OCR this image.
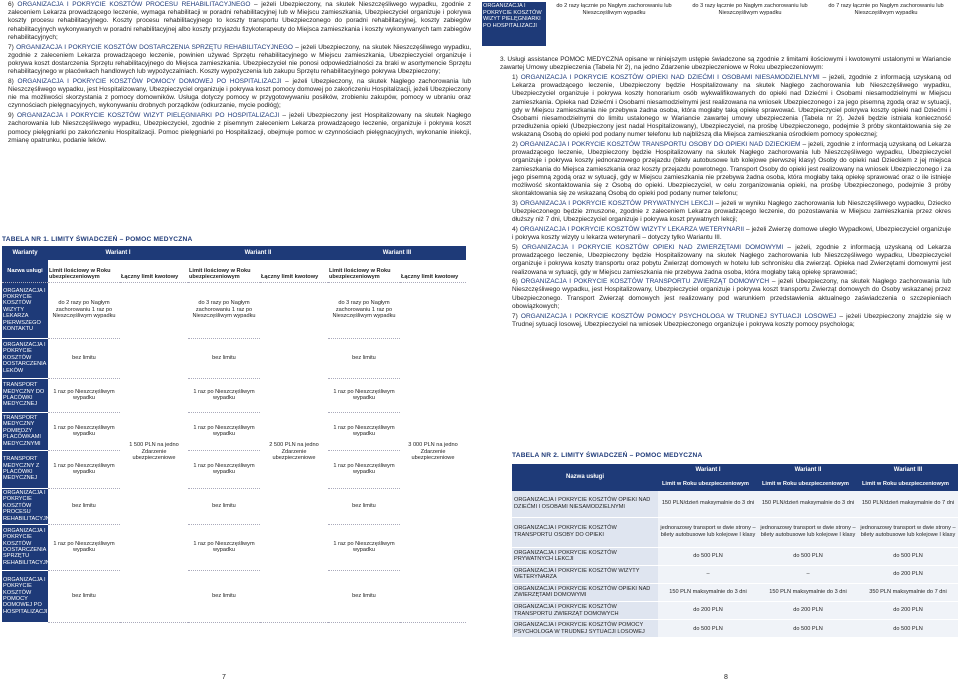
6) ORGANIZACJA I POKRYCIE KOSZTÓW PROCESU REHABILITACYJNEGO – jeżeli Ubezpieczony, na skutek Nieszczęśliwego wypadku, zgodnie z zaleceniem Lekarza prowadzącego leczenie, wymaga rehabilitacji w poradni rehabilitacyjnej lub w Miejscu zamieszkania, Ubezpieczyciel organizuje i pokrywa koszty procesu rehabilitacyjnego. Koszty procesu rehabilitacyjnego to koszty transportu Ubezpieczonego do poradni rehabilitacyjnej, koszty zabiegów rehabilitacyjnych wykonywanych w poradni rehabilitacyjnej albo koszty przyjazdu fizykoterapeuty do Miejsca zamieszkania i koszty wykonywanych tam zabiegów rehabilitacyjnych;

7) ORGANIZACJA I POKRYCIE KOSZTÓW DOSTARCZENIA SPRZĘTU REHABILITACYJNEGO – jeżeli Ubezpieczony, na skutek Nieszczęśliwego wypadku, zgodnie z zaleceniem Lekarza prowadzącego leczenie, powinien używać Sprzętu rehabilitacyjnego w Miejscu zamieszkania, Ubezpieczyciel organizuje i pokrywa koszt dostarczenia Sprzętu rehabilitacyjnego do Miejsca zamieszkania. Ubezpieczyciel nie ponosi odpowiedzialności za braki w asortymencie Sprzętu rehabilitacyjnego w placówkach handlowych lub wypożyczalniach. Koszty wypożyczenia lub zakupu Sprzętu rehabilitacyjnego pokrywa Ubezpieczony;

8) ORGANIZACJA I POKRYCIE KOSZTÓW POMOCY DOMOWEJ PO HOSPITALIZACJI – jeżeli Ubezpieczony, na skutek Nagłego zachorowania lub Nieszczęśliwego wypadku, jest Hospitalizowany, Ubezpieczyciel organizuje i pokrywa koszt pomocy domowej po zakończeniu Hospitalizacji, jeżeli Ubezpieczony nie ma możliwości skorzystania z pomocy domowników. Usługa dotyczy pomocy w przygotowywaniu posiłków, zrobieniu zakupów, pomocy w ubraniu oraz czynnościach pielęgnacyjnych, wykonywaniu drobnych porządków (odkurzanie, mycie podłóg);

9) ORGANIZACJA I POKRYCIE KOSZTÓW WIZYT PIELĘGNIARKI PO HOSPITALIZACJI – jeżeli Ubezpieczony jest Hospitalizowany na skutek Nagłego zachorowania lub Nieszczęśliwego wypadku, Ubezpieczyciel, zgodnie z pisemnym zaleceniem Lekarza prowadzącego leczenie, organizuje i pokrywa koszt pomocy pielęgniarki po zakończeniu Hospitalizacji. Pomoc pielęgniarki po Hospitalizacji, obejmuje pomoc w czynnościach pielęgnacyjnych, wykonanie iniekcji, zmianę opatrunku, podanie leków.

TABELA NR 1. LIMITY ŚWIADCZEŃ – POMOC MEDYCZNA
Warianty	Wariant I		Wariant II		Wariant III	
Nazwa usługi	Limit ilościowy w Roku ubezpieczeniowym	Łączny limit kwotowy	Limit ilościowy w Roku ubezpieczeniowym	Łączny limit kwotowy	Limit ilościowy w Roku ubezpieczeniowym	Łączny limit kwotowy
ORGANIZACJA I POKRYCIE KOSZTÓW WIZYTY LEKARZA PIERWSZEGO KONTAKTU	do 2 razy po Nagłym zachorowaniu 1 raz po Nieszczęśliwym wypadku	1 500 PLN na jedno Zdarzenie ubezpieczeniowe	do 3 razy po Nagłym zachorowaniu 1 raz po Nieszczęśliwym wypadku	2 500 PLN na jedno Zdarzenie ubezpieczeniowe	do 3 razy po Nagłym zachorowaniu 1 raz po Nieszczęśliwym wypadku	3 000 PLN na jedno Zdarzenie ubezpieczeniowe
ORGANIZACJA I POKRYCIE KOSZTÓW DOSTARCZENIA LEKÓW	bez limitu		bez limitu		bez limitu	
TRANSPORT MEDYCZNY DO PLACÓWKI MEDYCZNEJ	1 raz po Nieszczęśliwym wypadku		1 raz po Nieszczęśliwym wypadku		1 raz po Nieszczęśliwym wypadku	
TRANSPORT MEDYCZNY POMIĘDZY PLACÓWKAMI MEDYCZNYMI	1 raz po Nieszczęśliwym wypadku		1 raz po Nieszczęśliwym wypadku		1 raz po Nieszczęśliwym wypadku	
TRANSPORT MEDYCZNY Z PLACÓWKI MEDYCZNEJ	1 raz po Nieszczęśliwym wypadku		1 raz po Nieszczęśliwym wypadku		1 raz po Nieszczęśliwym wypadku	
ORGANIZACJA I POKRYCIE KOSZTÓW PROCESU REHABILITACYJNEGO	bez limitu		bez limitu		bez limitu	
ORGANIZACJA I POKRYCIE KOSZTÓW DOSTARCZENIA SPRZĘTU REHABILITACYJNEGO	1 raz po Nieszczęśliwym wypadku		1 raz po Nieszczęśliwym wypadku		1 raz po Nieszczęśliwym wypadku	
ORGANIZACJA I POKRYCIE KOSZTÓW POMOCY DOMOWEJ PO HOSPITALIZACJI	bez limitu		bez limitu		bez limitu	
7
ORGANIZACJA I POKRYCIE KOSZTÓW WIZYT PIELĘGNIARKI PO HOSPITALIZACJI	do 2 razy łącznie po Nagłym zachorowaniu lub Nieszczęśliwym wypadku	do 3 razy łącznie po Nagłym zachorowaniu lub Nieszczęśliwym wypadku	do 7 razy łącznie po Nagłym zachorowaniu lub Nieszczęśliwym wypadku

3. Usługi assistance POMOC MEDYCZNA opisane w niniejszym ustępie świadczone są zgodnie z limitami ilościowymi i kwotowymi ustalonymi w Wariancie zawartej Umowy ubezpieczenia (Tabela Nr 2), na jedno Zdarzenie ubezpieczeniowe w Roku ubezpieczeniowym:

1) ORGANIZACJA I POKRYCIE KOSZTÓW OPIEKI NAD DZIEĆMI I OSOBAMI NIESAMODZIELNYMI – jeżeli, zgodnie z informacją uzyskaną od Lekarza prowadzącego leczenie, Ubezpieczony będzie Hospitalizowany na skutek Nagłego zachorowania lub Nieszczęśliwego wypadku, Ubezpieczyciel organizuje i pokrywa koszty honorarium osób wykwalifikowanych do opieki nad Dziećmi i Osobami niesamodzielnymi w Miejscu zamieszkania. Opieka nad Dziećmi i Osobami niesamodzielnymi jest realizowana na wniosek Ubezpieczonego i za jego pisemną zgodą oraz w sytuacji, gdy w Miejscu zamieszkania nie przebywa żadna osoba, która mogłaby taką opiekę sprawować. Ubezpieczyciel pokrywa koszty opieki nad Dziećmi i Osobami niesamodzielnymi do limitu ustalonego w Wariancie zawartej umowy ubezpieczenia (Tabela nr 2). Jeżeli będzie istniała konieczność przedłużenia opieki (Ubezpieczony jest nadal Hospitalizowany), Ubezpieczyciel, na prośbę Ubezpieczonego, podejmie 3 próby skontaktowania się ze wskazaną Osobą do opieki pod podany numer telefonu lub najbliższą dla Miejsca zamieszkania ośrodkiem pomocy społecznej;

2) ORGANIZACJA I POKRYCIE KOSZTÓW TRANSPORTU OSOBY DO OPIEKI NAD DZIECKIEM – jeżeli, zgodnie z informacją uzyskaną od Lekarza prowadzącego leczenie, Ubezpieczony będzie Hospitalizowany na skutek Nagłego zachorowania lub Nieszczęśliwego wypadku, Ubezpieczyciel organizuje i pokrywa koszty jednorazowego przejazdu (bilety autobusowe lub kolejowe pierwszej klasy) Osoby do opieki nad Dzieckiem z jej miejsca zamieszkania do Miejsca zamieszkania oraz koszty przejazdu powrotnego. Transport Osoby do opieki jest realizowany na wniosek Ubezpieczonego i za jego pisemną zgodą oraz w sytuacji, gdy w Miejscu zamieszkania nie przebywa żadna osoba, która mogłaby taką opiekę sprawować oraz o ile istnieje możliwość skontaktowania się z Osobą do opieki. Ubezpieczyciel, w celu zorganizowania opieki, na prośbę Ubezpieczonego, podejmie 3 próby skontaktowania się ze wskazaną Osobą do opieki pod podany numer telefonu;

3) ORGANIZACJA I POKRYCIE KOSZTÓW PRYWATNYCH LEKCJI – jeżeli w wyniku Nagłego zachorowania lub Nieszczęśliwego wypadku, Dziecko Ubezpieczonego będzie zmuszone, zgodnie z zaleceniem Lekarza prowadzącego leczenie, do pozostawania w Miejscu zamieszkania przez okres dłuższy niż 7 dni, Ubezpieczyciel organizuje i pokrywa koszt prywatnych lekcji;

4) ORGANIZACJA I POKRYCIE KOSZTÓW WIZYTY LEKARZA WETERYNARII – jeżeli Zwierzę domowe uległo Wypadkowi, Ubezpieczyciel organizuje i pokrywa koszty wizyty u lekarza weterynarii – dotyczy tylko Wariantu III.

5) ORGANIZACJA I POKRYCIE KOSZTÓW OPIEKI NAD ZWIERZĘTAMI DOMOWYMI – jeżeli, zgodnie z informacją uzyskaną od Lekarza prowadzącego leczenie, Ubezpieczony będzie Hospitalizowany na skutek Nagłego zachorowania lub Nieszczęśliwego wypadku, Ubezpieczyciel organizuje i pokrywa koszty transportu oraz pobytu Zwierząt domowych w hotelu lub schronisku dla zwierząt. Opieka nad Zwierzętami domowymi jest realizowana w sytuacji, gdy w Miejscu zamieszkania nie przebywa żadna osoba, która mogłaby taką opiekę sprawować;

6) ORGANIZACJA I POKRYCIE KOSZTÓW TRANSPORTU ZWIERZĄT DOMOWYCH – jeżeli Ubezpieczony, na skutek Nagłego zachorowania lub Nieszczęśliwego wypadku, jest Hospitalizowany, Ubezpieczyciel organizuje i pokrywa koszt transportu Zwierząt domowych do Osoby wskazanej przez Ubezpieczonego. Transport Zwierząt domowych jest realizowany pod warunkiem przedstawienia aktualnego zaświadczenia o szczepieniach obowiązkowych;

7) ORGANIZACJA I POKRYCIE KOSZTÓW POMOCY PSYCHOLOGA W TRUDNEJ SYTUACJI LOSOWEJ – jeżeli Ubezpieczony znajdzie się w Trudnej sytuacji losowej, Ubezpieczyciel na wniosek Ubezpieczonego organizuje i pokrywa koszty pomocy psychologa;

TABELA NR 2. LIMITY ŚWIADCZEŃ – POMOC MEDYCZNA
Nazwa usługi	Wariant I	Wariant II	Wariant III
	Limit w Roku ubezpieczeniowym	Limit w Roku ubezpieczeniowym	Limit w Roku ubezpieczeniowym
ORGANIZACJA I POKRYCIE KOSZTÓW OPIEKI NAD DZIEĆMI I OSOBAMI NIESAMODZIELNYMI	150 PLN/dzień maksymalnie do 3 dni	150 PLN/dzień maksymalnie do 3 dni	150 PLN/dzień maksymalnie do 7 dni
ORGANIZACJA I POKRYCIE KOSZTÓW TRANSPORTU OSOBY DO OPIEKI	jednorazowy transport w dwie strony – bilety autobusowe lub kolejowe I klasy	jednorazowy transport w dwie strony – bilety autobusowe lub kolejowe I klasy	jednorazowy transport w dwie strony – bilety autobusowe lub kolejowe I klasy
ORGANIZACJA I POKRYCIE KOSZTÓW PRYWATNYCH LEKCJI	do 500 PLN	do 500 PLN	do 500 PLN
ORGANIZACJA I POKRYCIE KOSZTÓW WIZYTY WETERYNARZA	–	–	do 200 PLN
ORGANIZACJA I POKRYCIE KOSZTÓW OPIEKI NAD ZWIERZĘTAMI DOMOWYMI	150 PLN maksymalnie do 3 dni	150 PLN maksymalnie do 3 dni	350 PLN maksymalnie do 7 dni
ORGANIZACJA I POKRYCIE KOSZTÓW TRANSPORTU ZWIERZĄT DOMOWYCH	do 200 PLN	do 200 PLN	do 200 PLN
ORGANIZACJA I POKRYCIE KOSZTÓW POMOCY PSYCHOLOGA W TRUDNEJ SYTUACJI LOSOWEJ	do 500 PLN	do 500 PLN	do 500 PLN
8
